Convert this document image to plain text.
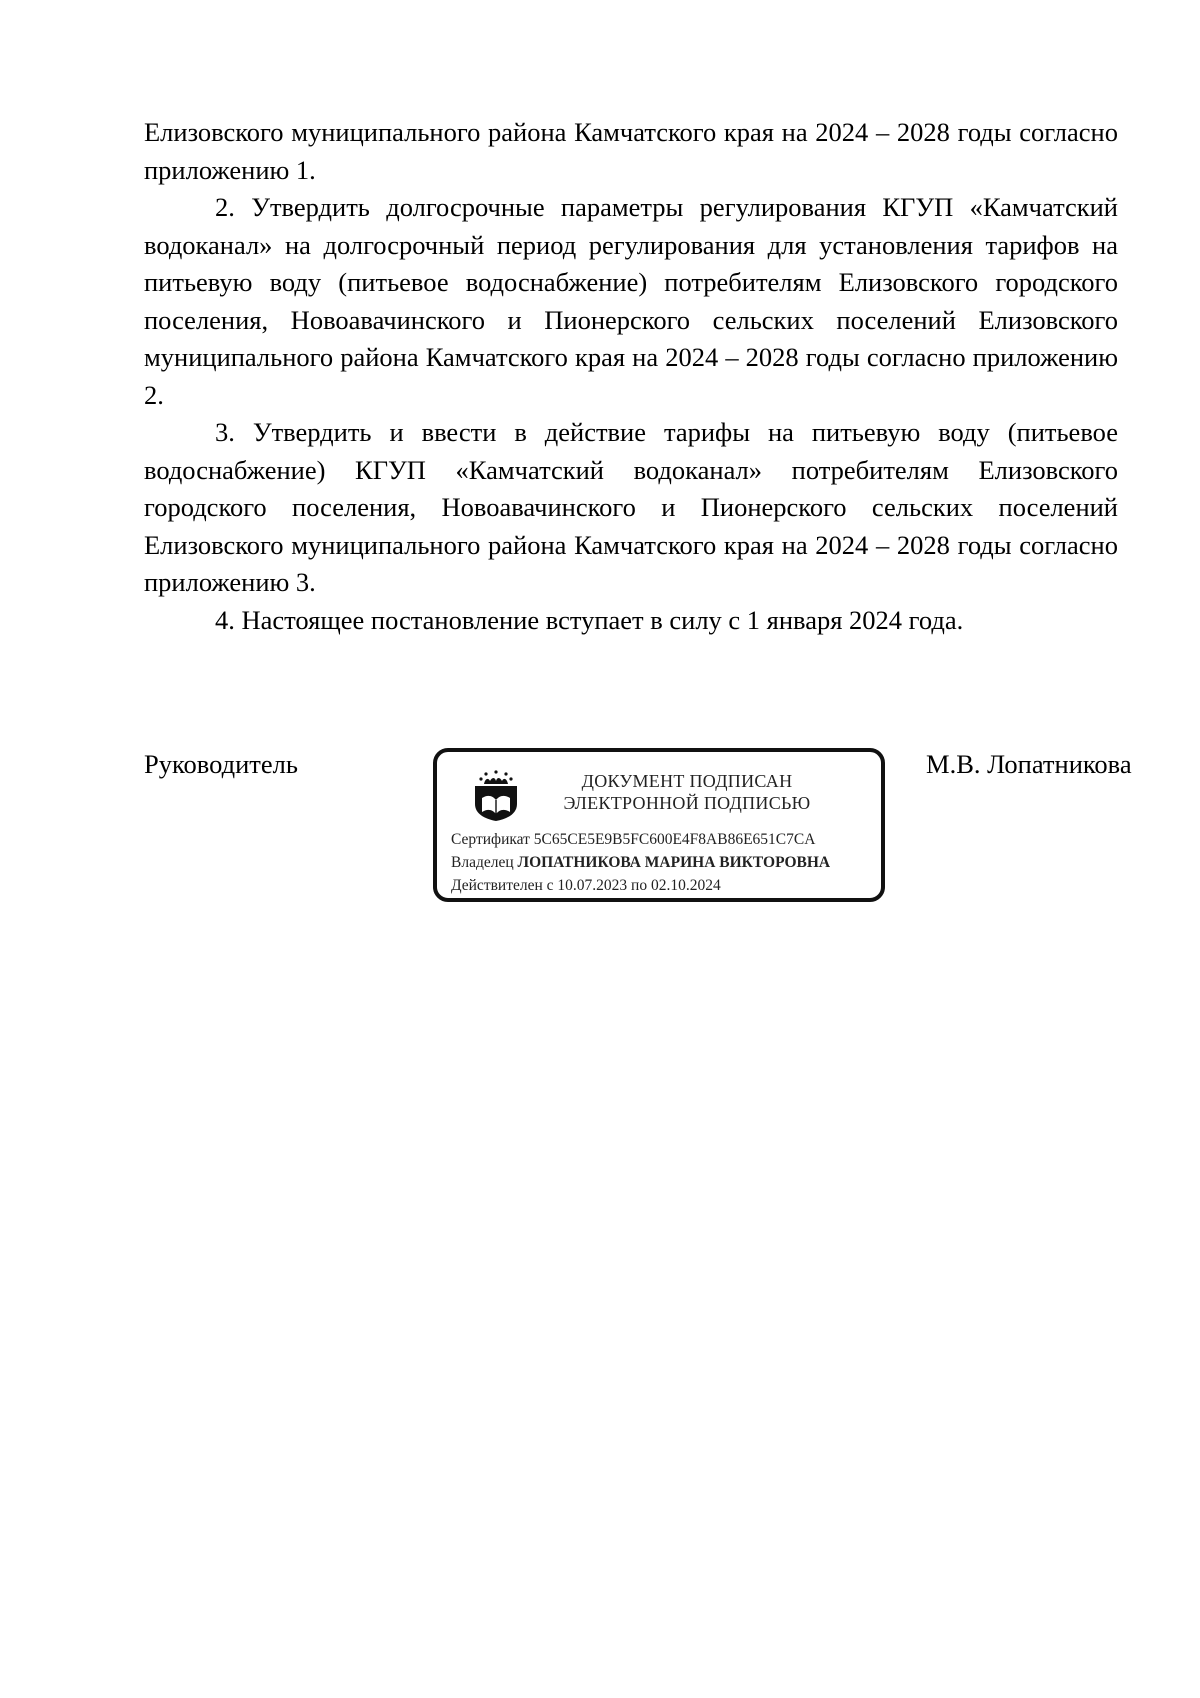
Елизовского муниципального района Камчатского края на 2024 – 2028 годы согласно приложению 1.

2. Утвердить долгосрочные параметры регулирования КГУП «Камчатский водоканал» на долгосрочный период регулирования для установления тарифов на питьевую воду (питьевое водоснабжение) потребителям Елизовского городского поселения, Новоавачинского и Пионерского сельских поселений Елизовского муниципального района Камчатского края на 2024 – 2028 годы согласно приложению 2.

3. Утвердить и ввести в действие тарифы на питьевую воду (питьевое водоснабжение) КГУП «Камчатский водоканал» потребителям Елизовского городского поселения, Новоавачинского и Пионерского сельских поселений Елизовского муниципального района Камчатского края на 2024 – 2028 годы согласно приложению 3.

4. Настоящее постановление вступает в силу с 1 января 2024 года.

Руководитель	М.В. Лопатникова
ДОКУМЕНТ ПОДПИСАН
ЭЛЕКТРОННОЙ ПОДПИСЬЮ
Сертификат 5C65CE5E9B5FC600E4F8AB86E651C7CA
Владелец ЛОПАТНИКОВА МАРИНА ВИКТОРОВНА
Действителен с 10.07.2023 по 02.10.2024
